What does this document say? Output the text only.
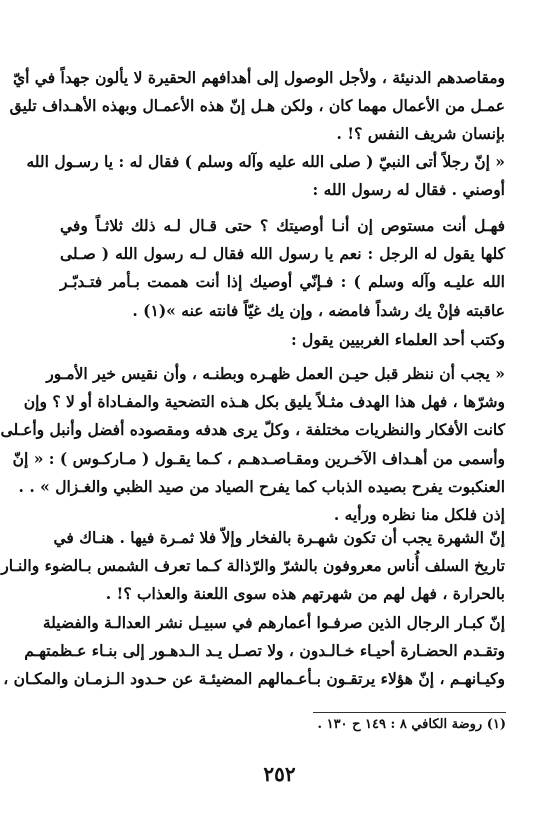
ومقاصدهم الدنيئة ، ولأجل الوصول إلى أهدافهم الحقيرة لا يألون جهداً في أيّ
عمـل من الأعمال مهما كان ، ولكن هـل إنّ هذه الأعمـال وبهذه الأهـداف تليق
بإنسان شريف النفس ؟! .
« إنّ رجلاً أتى النبيّ ( صلى الله عليه وآله وسلم ) فقال له : يا رسـول الله
أوصني . فقال له رسول الله :
فهـل أنت مستوص إن أنـا أوصيتك ؟ حتى قـال لـه ذلك ثلاثـاً وفي
كلها يقول له الرجل : نعم يا رسول الله فقال لـه رسول الله ( صـلى
الله عليـه وآله وسلم ) : فـإنّي أوصيك إذا أنت هممت بـأمر فتـدبّـر
عاقبته فإنْ يك رشداً فامضه ، وإن يك غيّاً فانته عنه »(١) .
وكتب أحد العلماء الغربيين يقول :
« يجب أن ننظر قبل حيـن العمل ظهـره وبطنـه ، وأن نقيس خير الأمـور
وشرّها ، فهل هذا الهدف مثـلاً يليق بكل هـذه التضحية والمفـاداة أو لا ؟ وإن
كانت الأفكار والنظريات مختلفة ، وكلّ يرى هدفه ومقصوده أفضل وأنبل وأعـلى
وأسمى من أهـداف الآخـرين ومقـاصـدهـم ، كـما يقـول ( مـاركـوس ) : « إنّ
العنكبوت يفرح بصيده الذباب كما يفرح الصياد من صيد الظبي والغـزال » . .
إذن فلكل منا نظره ورأيه .
إنّ الشهرة يجب أن تكون شهـرة بالفخار وإلاّ فلا ثمـرة فيها . هنـاك في
تاريخ السلف أُناس معروفون بالشرّ والرّذالة كـما تعرف الشمس بـالضوء والنـار
بالحرارة ، فهل لهم من شهرتهم هذه سوى اللعنة والعذاب ؟! .
إنّ كبـار الرجال الذين صرفـوا أعمارهم في سبيـل نشر العدالـة والفضيلة
وتقـدم الحضـارة أحيـاء خـالـدون ، ولا تصـل يـد الـدهـور إلى بنـاء عـظمتهـم
وكيـانهـم ، إنّ هؤلاء يرتقـون بـأعـمالهم المضيئـة عن حـدود الـزمـان والمكـان ،
(١) روضة الكافي ٨ : ١٤٩ ح ١٣٠ .
٢٥٢
